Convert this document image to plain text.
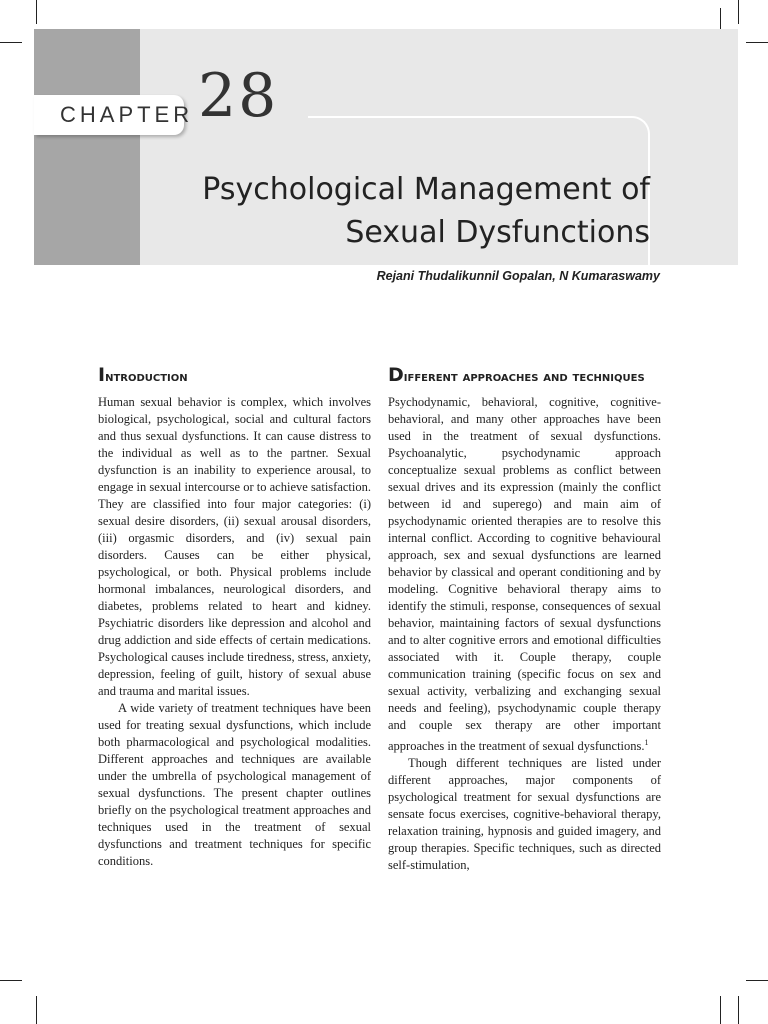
CHAPTER 28
Psychological Management of
Sexual Dysfunctions
Rejani Thudalikunnil Gopalan, N Kumaraswamy
Introduction

Human sexual behavior is complex, which involves biological, psychological, social and cultural factors and thus sexual dysfunctions. It can cause distress to the individual as well as to the partner. Sexual dysfunction is an inability to experience arousal, to engage in sexual intercourse or to achieve satisfaction. They are classified into four major categories: (i) sexual desire disorders, (ii) sexual arousal disorders, (iii) orgasmic disorders, and (iv) sexual pain disorders. Causes can be either physical, psychological, or both. Physical problems include hormonal imbalances, neurological disorders, and diabetes, problems related to heart and kidney. Psychiatric disorders like depression and alcohol and drug addiction and side effects of certain medications. Psychological causes include tiredness, stress, anxiety, depression, feeling of guilt, history of sexual abuse and trauma and marital issues.

A wide variety of treatment techniques have been used for treating sexual dysfunctions, which include both pharmacological and psychological modalities. Different approaches and techniques are available under the umbrella of psychological management of sexual dysfunctions. The present chapter outlines briefly on the psychological treatment approaches and techniques used in the treatment of sexual dysfunctions and treatment techniques for specific conditions.

Different approaches and techniques

Psychodynamic, behavioral, cognitive, cognitive-behavioral, and many other approaches have been used in the treatment of sexual dysfunctions. Psychoanalytic, psychodynamic approach conceptualize sexual problems as conflict between sexual drives and its expression (mainly the conflict between id and superego) and main aim of psychodynamic oriented therapies are to resolve this internal conflict. According to cognitive behavioural approach, sex and sexual dysfunctions are learned behavior by classical and operant conditioning and by modeling. Cognitive behavioral therapy aims to identify the stimuli, response, consequences of sexual behavior, maintaining factors of sexual dysfunctions and to alter cognitive errors and emotional difficulties associated with it. Couple therapy, couple communication training (specific focus on sex and sexual activity, verbalizing and exchanging sexual needs and feeling), psychodynamic couple therapy and couple sex therapy are other important approaches in the treatment of sexual dysfunctions.$^1$

Though different techniques are listed under different approaches, major components of psychological treatment for sexual dysfunctions are sensate focus exercises, cognitive-behavioral therapy, relaxation training, hypnosis and guided imagery, and group therapies. Specific techniques, such as directed self-stimulation,
